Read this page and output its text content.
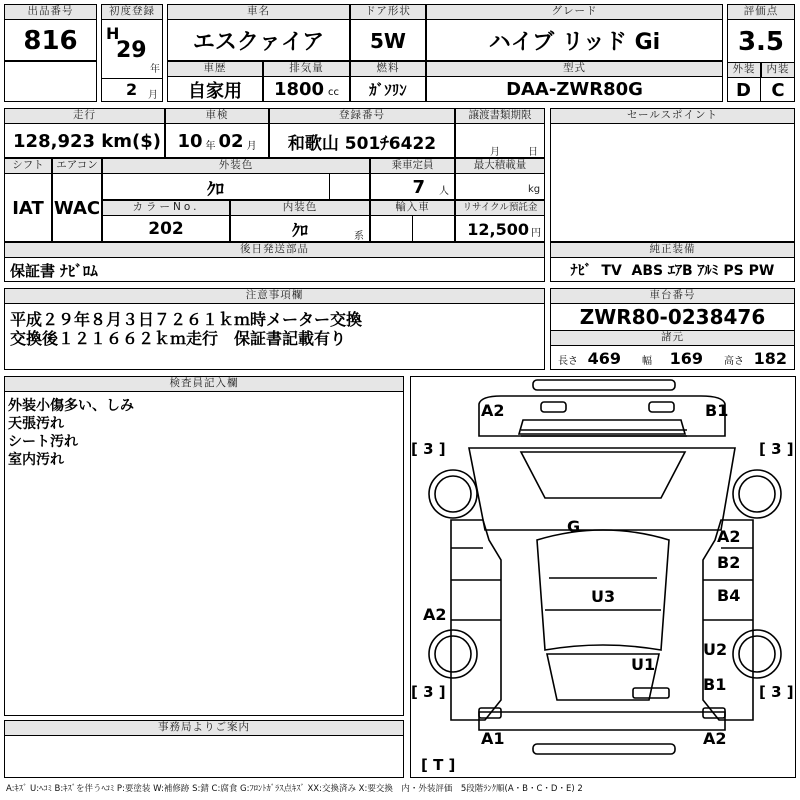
出品番号
816
初度登録
H
29
年
2 月
車名
エスクァイア
ドア形状
5W
グレード
ハイブ リッド Gi
評価点
3.5
外装	内装
D	C
車歴
自家用
排気量
1800 cc
燃料
ｶﾞｿﾘﾝ
型式
DAA-ZWR80G
走行
128,923 km($)
車検
10 年 02 月
登録番号
和歌山 501ﾁ6422
譲渡書類期限
月	日
セールスポイント
シフト
IAT
エアコン
WAC
外装色
ｸﾛ
乗車定員
7 人
最大積載量
kg
カラーNo.
202
内装色
ｸﾛ	系
輸入車	リサイクル預託金
12,500 円
後日発送部品
保証書 ﾅﾋﾞﾛﾑ
純正装備
ﾅﾋﾞ  TV  ABS ｴｱB ｱﾙﾐ PS PW
注意事項欄
平成２９年８月３日７２６１ｋｍ時メーター交換
交換後１２１６６２ｋｍ走行　保証書記載有り
車台番号
ZWR80-0238476
諸元
長さ 469 幅 169 高さ 182
検査員記入欄
外装小傷多い、しみ
天張汚れ
シート汚れ
室内汚れ
事務局よりご案内
A2	B1
[ 3 ]	[ 3 ]
G
A2
B2
B4
A2
U3
U2
U1
B1
[ 3 ]	[ 3 ]
A1	A2
[ T ]
A:ｷｽﾞ U:ﾍｺﾐ B:ｷｽﾞを伴うﾍｺﾐ P:要塗装 W:補修跡 S:錆 C:腐食 G:ﾌﾛﾝﾄｶﾞﾗｽ点ｷｽﾞ XX:交換済み X:要交換　内・外装評価　5段階ﾗﾝｸ順(A・B・C・D・E) 2
